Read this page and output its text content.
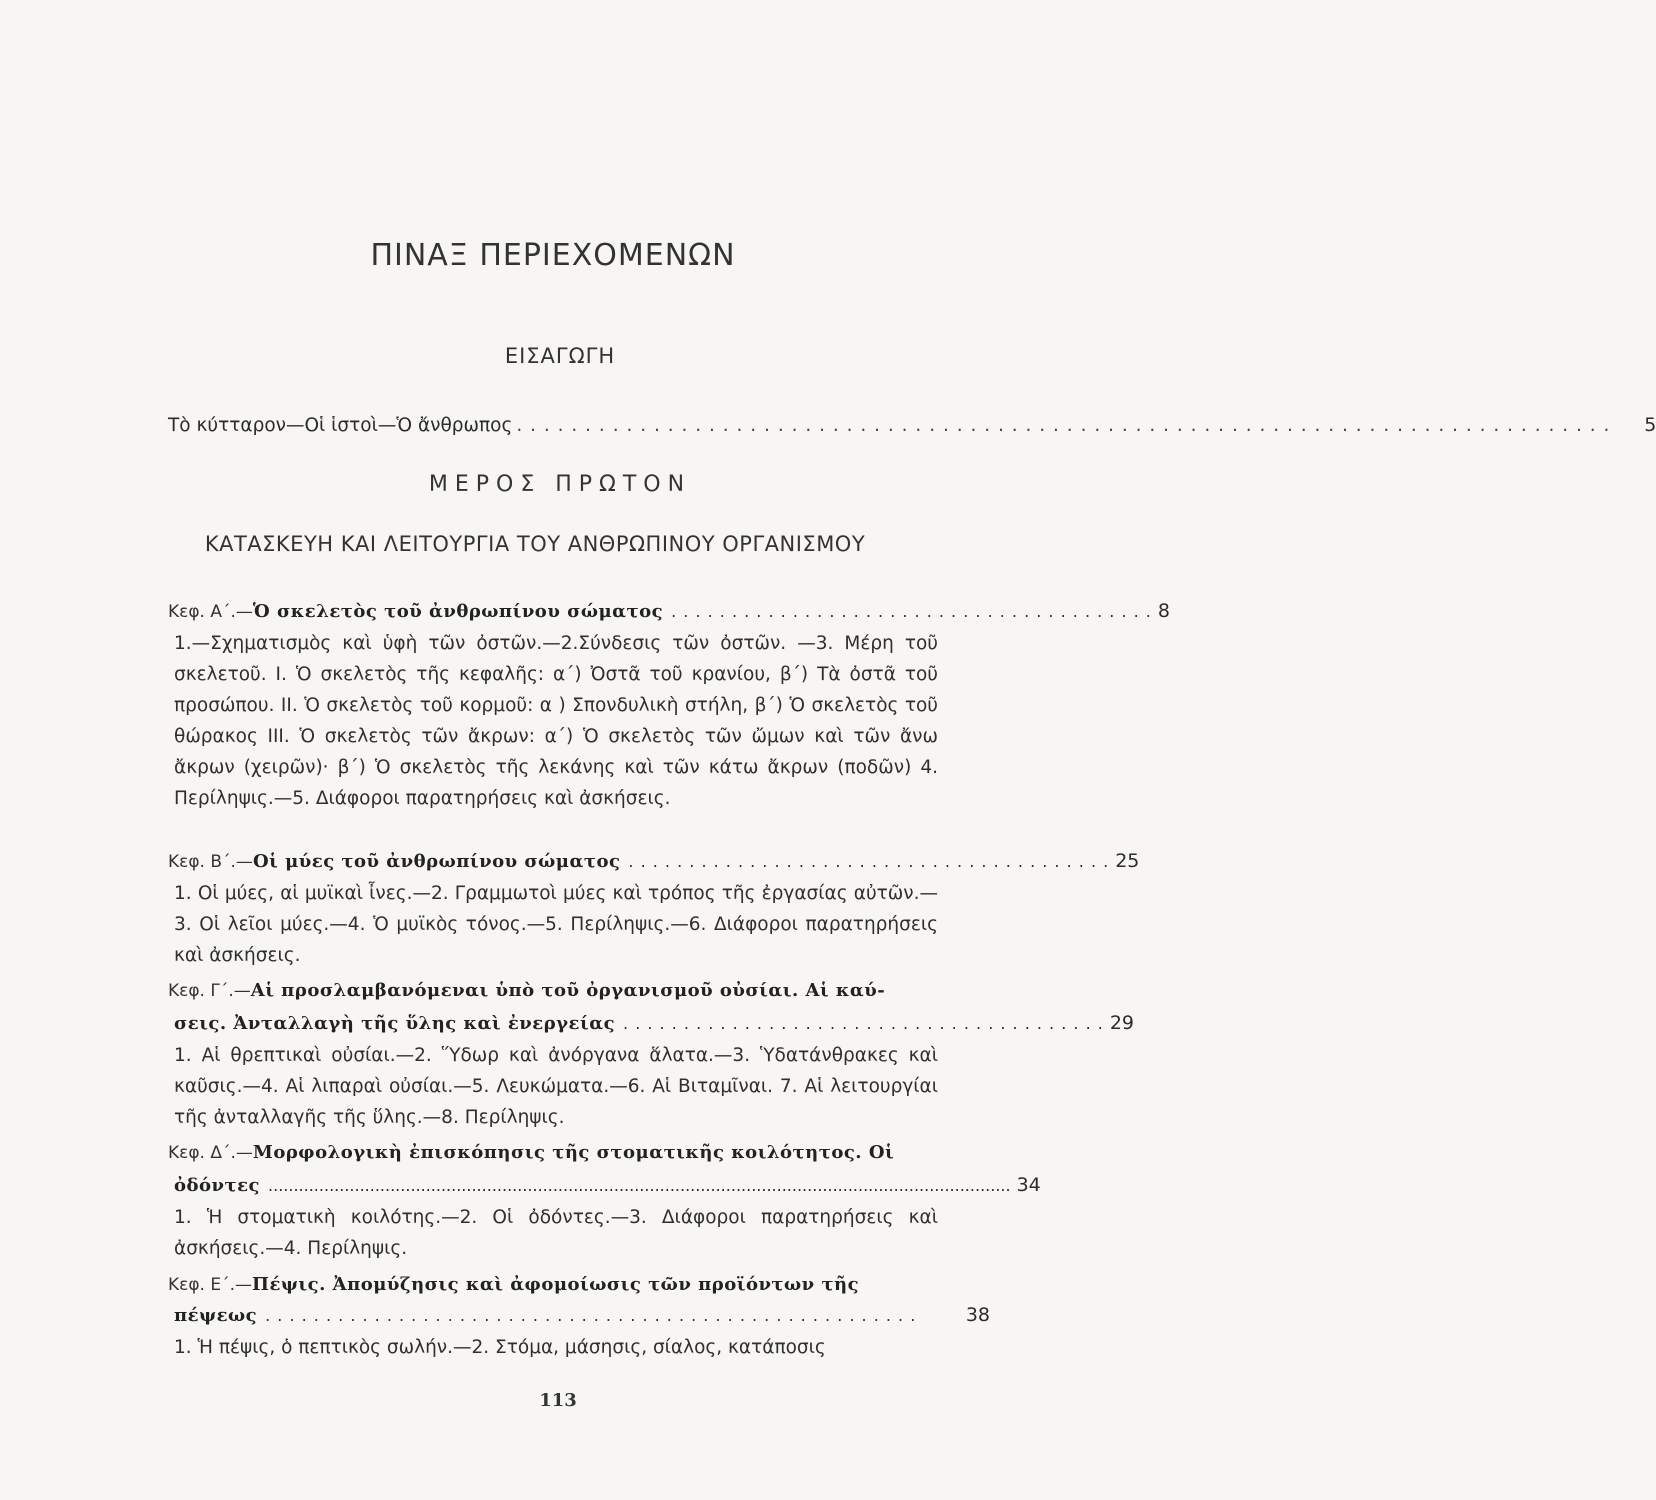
ΠΙΝΑΞ ΠΕΡΙΕΧΟΜΕΝΩΝ
ΕΙΣΑΓΩΓΗ
Τὸ κύτταρον—Οἱ ἱστοὶ—Ὁ ἄνθρωπος . . .	5
ΜΕΡΟΣ ΠΡΩΤΟΝ
ΚΑΤΑΣΚΕΥΗ ΚΑΙ ΛΕΙΤΟΥΡΓΙΑ ΤΟΥ ΑΝΘΡΩΠΙΝΟΥ ΟΡΓΑΝΙΣΜΟΥ
Κεφ. Α΄.— Ὁ σκελετὸς τοῦ ἀνθρωπίνου σώματος . . . . . . . . . . . . . . . . . . . . . . . . . . . . . . . . . . . . . . . . 8
1.—Σχηματισμὸς καὶ ὑφὴ τῶν ὀστῶν.—2.Σύνδεσις τῶν ὀστῶν. —3. Μέρη τοῦ σκελετοῦ. I. Ὁ σκελετὸς τῆς κεφαλῆς: α΄) Ὀστᾶ τοῦ κρανίου, β΄) Τὰ ὀστᾶ τοῦ προσώπου. II. Ὁ σκελετὸς τοῦ κορμοῦ: α ) Σπονδυλικὴ στήλη, β΄) Ὁ σκελετὸς τοῦ θώρακος III. Ὁ σκελετὸς τῶν ἄκρων: α΄) Ὁ σκελετὸς τῶν ὤμων καὶ τῶν ἄνω ἄκρων (χειρῶν)· β΄) Ὁ σκελετὸς τῆς λεκάνης καὶ τῶν κάτω ἄκρων (ποδῶν) 4. Περίληψις.—5. Διάφοροι παρατηρήσεις καὶ ἀσκήσεις.
Κεφ. Β΄.— Οἱ μύες τοῦ ἀνθρωπίνου σώματος . . . . . . . . . . . . . . . . . . . . . . . . . . . . . . . . . . . . . . . . 25
1. Οἱ μύες, αἱ μυϊκαὶ ἶνες.—2. Γραμμωτοὶ μύες καὶ τρόπος τῆς ἐργασίας αὐτῶν.—3. Οἱ λεῖοι μύες.—4. Ὁ μυϊκὸς τόνος.—5. Περίληψις.—6. Διάφοροι παρατηρήσεις καὶ ἀσκήσεις.
Κεφ. Γ΄.— Αἱ προσλαμβανόμεναι ὑπὸ τοῦ ὀργανισμοῦ οὐσίαι. Αἱ καύ-
σεις. Ἀνταλλαγὴ τῆς ὕλης καὶ ἐνεργείας . . . . . . . . . . . . . . . . . . . . . . . . . . . . . . . . . . . . . . . . 29
1. Αἱ θρεπτικαὶ οὐσίαι.—2. Ὕδωρ καὶ ἀνόργανα ἅλατα.—3. Ὑδατάνθρακες καὶ καῦσις.—4. Αἱ λιπαραὶ οὐσίαι.—5. Λευκώματα.—6. Αἱ Βιταμῖναι. 7. Αἱ λειτουργίαι τῆς ἀνταλλαγῆς τῆς ὕλης.—8. Περίληψις.
Κεφ. Δ΄.— Μορφολογικὴ ἐπισκόπησις τῆς στοματικῆς κοιλότητος. Οἱ
ὀδόντες .................................................................................................................................................. 34
1. Ἡ στοματικὴ κοιλότης.—2. Οἱ ὀδόντες.—3. Διάφοροι παρατηρήσεις καὶ ἀσκήσεις.—4. Περίληψις.
Κεφ. Ε΄.— Πέψις. Ἀπομύζησις καὶ ἀφομοίωσις τῶν προϊόντων τῆς
πέψεως . . . . . . . . . . . . . . . . . . . . . . . . . . . . . . . . . . . . . . . . . . . . . . . . . . . . . .	38
1. Ἡ πέψις, ὁ πεπτικὸς σωλήν.—2. Στόμα, μάσησις, σίαλος, κατάποσις
113
